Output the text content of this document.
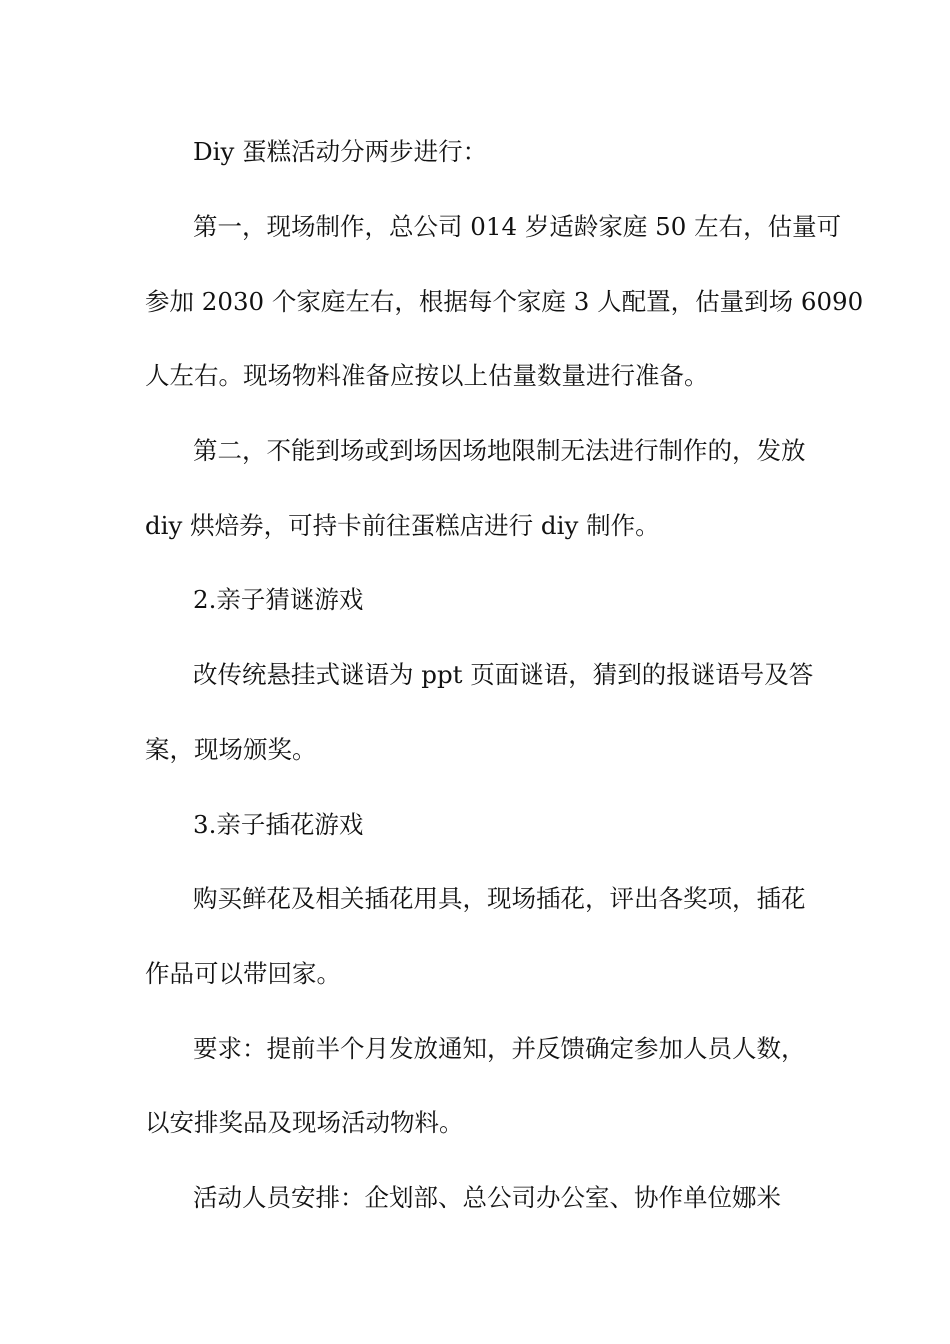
Diy 蛋糕活动分两步进行：
第一，现场制作，总公司 014 岁适龄家庭 50 左右，估量可
参加 2030 个家庭左右，根据每个家庭 3 人配置，估量到场 6090
人左右。现场物料准备应按以上估量数量进行准备。
第二，不能到场或到场因场地限制无法进行制作的，发放
diy 烘焙券，可持卡前往蛋糕店进行 diy 制作。
2.亲子猜谜游戏
改传统悬挂式谜语为 ppt 页面谜语，猜到的报谜语号及答
案，现场颁奖。
3.亲子插花游戏
购买鲜花及相关插花用具，现场插花，评出各奖项，插花
作品可以带回家。
要求：提前半个月发放通知，并反馈确定参加人员人数，
以安排奖品及现场活动物料。
活动人员安排：企划部、总公司办公室、协作单位娜米
